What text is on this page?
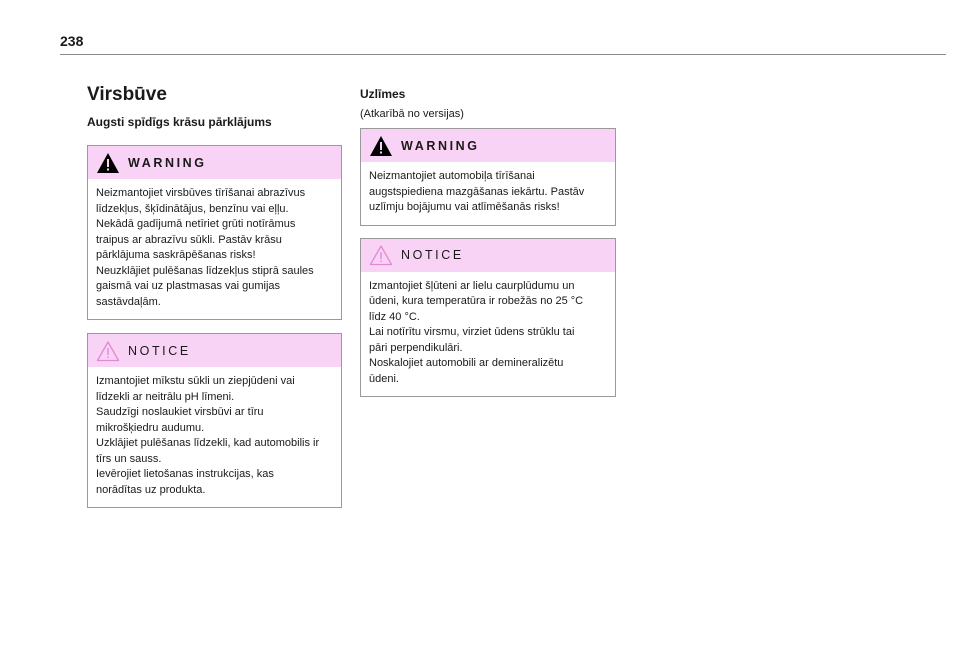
238
Virsbūve
Augsti spīdīgs krāsu pārklājums
WARNING

Neizmantojiet virsbūves tīrīšanai abrazīvus

līdzekļus, šķīdinātājus, benzīnu vai eļļu.

Nekādā gadījumā netīriet grūti notīrāmus

traipus ar abrazīvu sūkli. Pastāv krāsu

pārklājuma saskrāpēšanas risks!

Neuzklājiet pulēšanas līdzekļus stiprā saules

gaismā vai uz plastmasas vai gumijas

sastāvdaļām.

NOTICE

Izmantojiet mīkstu sūkli un ziepjūdeni vai

līdzekli ar neitrālu pH līmeni.

Saudzīgi noslaukiet virsbūvi ar tīru

mikrošķiedru audumu.

Uzklājiet pulēšanas līdzekli, kad automobilis ir

tīrs un sauss.

Ievērojiet lietošanas instrukcijas, kas

norādītas uz produkta.

Uzlīmes
(Atkarībā no versijas)
WARNING

Neizmantojiet automobiļa tīrīšanai

augstspiediena mazgāšanas iekārtu. Pastāv

uzlīmju bojājumu vai atlīmēšanās risks!

NOTICE

Izmantojiet šļūteni ar lielu caurplūdumu un

ūdeni, kura temperatūra ir robežās no 25 °C

līdz 40 °C.

Lai notīrītu virsmu, virziet ūdens strūklu tai

pāri perpendikulāri.

Noskalojiet automobili ar demineralizētu

ūdeni.
